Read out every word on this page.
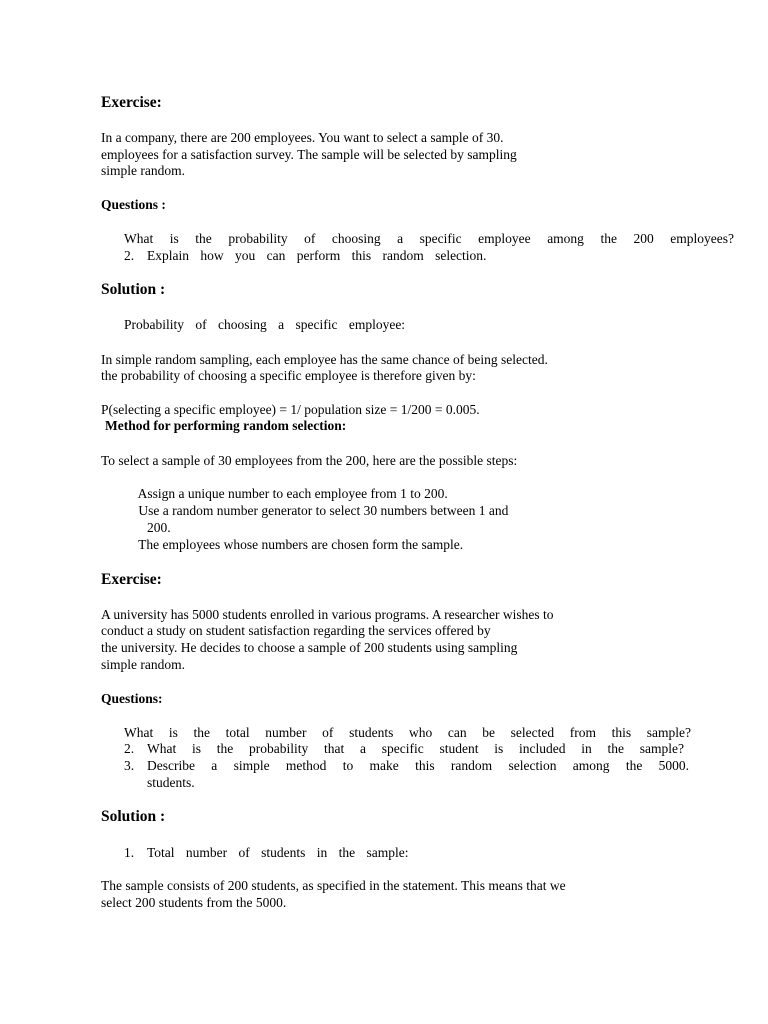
Exercise:
In a company, there are 200 employees. You want to select a sample of 30.
employees for a satisfaction survey. The sample will be selected by sampling
simple random.
Questions :
What is the probability of choosing a specific employee among the 200 employees?
2. Explain how you can perform this random selection.
Solution :
Probability of choosing a specific employee:
In simple random sampling, each employee has the same chance of being selected.
the probability of choosing a specific employee is therefore given by:
P(selecting a specific employee) = 1/ population size = 1/200 = 0.005.
Method for performing random selection:
To select a sample of 30 employees from the 200, here are the possible steps:
Assign a unique number to each employee from 1 to 200.
Use a random number generator to select 30 numbers between 1 and
200.
The employees whose numbers are chosen form the sample.
Exercise:
A university has 5000 students enrolled in various programs. A researcher wishes to
conduct a study on student satisfaction regarding the services offered by
the university. He decides to choose a sample of 200 students using sampling
simple random.
Questions:
What is the total number of students who can be selected from this sample?
2. What is the probability that a specific student is included in the sample?
3. Describe a simple method to make this random selection among the 5000.
students.
Solution :
1. Total number of students in the sample:
The sample consists of 200 students, as specified in the statement. This means that we
select 200 students from the 5000.
